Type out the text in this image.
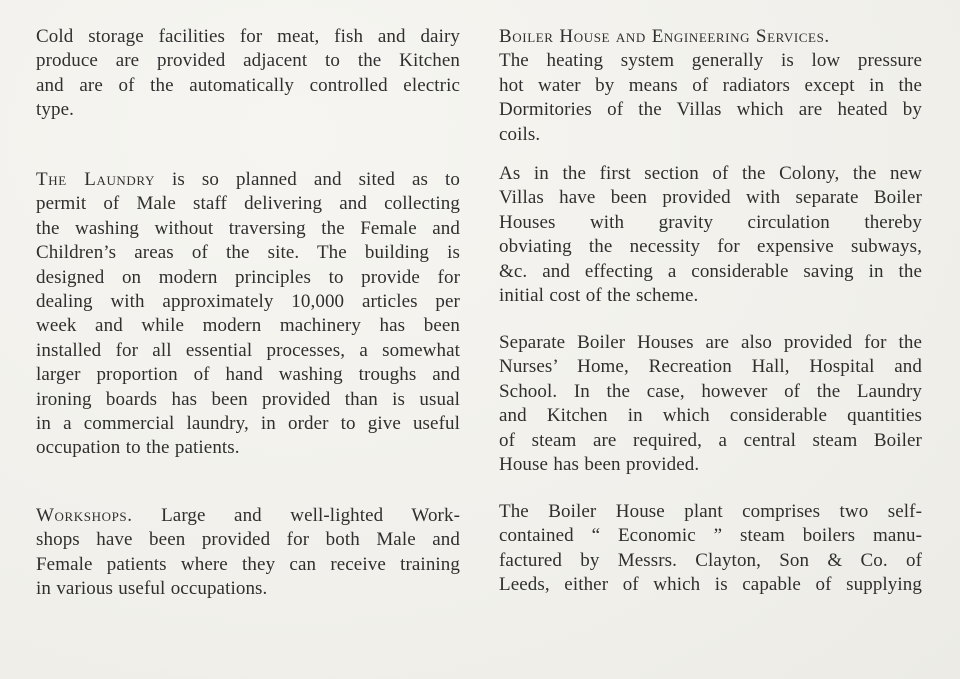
Cold storage facilities for meat, fish and dairy
produce are provided adjacent to the Kitchen
and are of the automatically controlled electric
type.

The Laundry is so planned and sited as to
permit of Male staff delivering and collecting
the washing without traversing the Female and
Children’s areas of the site. The building is
designed on modern principles to provide for
dealing with approximately 10,000 articles per
week and while modern machinery has been
installed for all essential processes, a somewhat
larger proportion of hand washing troughs and
ironing boards has been provided than is usual
in a commercial laundry, in order to give useful
occupation to the patients.

Workshops. Large and well-lighted Work-
shops have been provided for both Male and
Female patients where they can receive training
in various useful occupations.

Boiler House and Engineering Services.
The heating system generally is low pressure
hot water by means of radiators except in the
Dormitories of the Villas which are heated by
coils.

As in the first section of the Colony, the new
Villas have been provided with separate Boiler
Houses with gravity circulation thereby
obviating the necessity for expensive subways,
&c. and effecting a considerable saving in the
initial cost of the scheme.

Separate Boiler Houses are also provided for the
Nurses’ Home, Recreation Hall, Hospital and
School. In the case, however of the Laundry
and Kitchen in which considerable quantities
of steam are required, a central steam Boiler
House has been provided.

The Boiler House plant comprises two self-
contained “ Economic ” steam boilers manu-
factured by Messrs. Clayton, Son & Co. of
Leeds, either of which is capable of supplying
